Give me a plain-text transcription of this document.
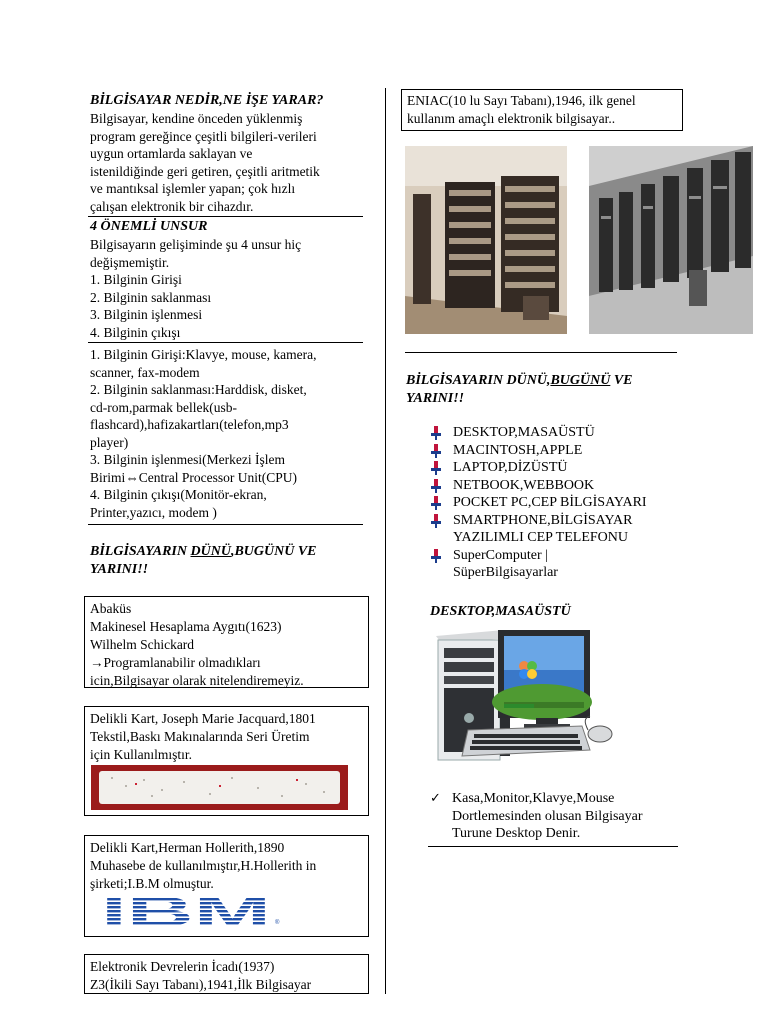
BİLGİSAYAR NEDİR,NE İŞE YARAR?
Bilgisayar, kendine önceden yüklenmiş
program gereğince çeşitli bilgileri-verileri
uygun ortamlarda saklayan ve
istenildiğinde geri getiren, çeşitli aritmetik
ve mantıksal işlemler yapan; çok hızlı
çalışan elektronik bir cihazdır.
4 ÖNEMLİ UNSUR
Bilgisayarın gelişiminde şu 4 unsur hiç
değişmemiştir.
1. Bilginin Girişi
2. Bilginin saklanması
3. Bilginin işlenmesi
4. Bilginin çıkışı
1. Bilginin Girişi:Klavye, mouse, kamera,
scanner, fax-modem
2. Bilginin saklanması:Harddisk, disket,
cd-rom,parmak bellek(usb-
flashcard),hafizakartları(telefon,mp3
player)
3. Bilginin işlenmesi(Merkezi İşlem
Birimi⇔Central Processor Unit(CPU)
4. Bilginin çıkışı(Monitör-ekran,
Printer,yazıcı, modem )
BİLGİSAYARIN DÜNÜ,BUGÜNÜ VE
YARINI!!
Abaküs
Makinesel Hesaplama Aygıtı(1623)
Wilhelm Schickard
→Programlanabilir olmadıkları
icin,Bilgisayar olarak nitelendiremeyiz.
Delikli Kart, Joseph Marie Jacquard,1801
Tekstil,Baskı Makınalarında Seri Üretim
için Kullanılmıştır.
Delikli Kart,Herman Hollerith,1890
Muhasebe de kullanılmıştır,H.Hollerith in
şirketi;I.B.M olmuştur.
IBM ®
Elektronik Devrelerin İcadı(1937)
Z3(İkili Sayı Tabanı),1941,İlk Bilgisayar
ENIAC(10 lu Sayı Tabanı),1946, ilk genel
kullanım amaçlı elektronik bilgisayar..
BİLGİSAYARIN DÜNÜ,BUGÜNÜ VE
YARINI!!
DESKTOP,MASAÜSTÜ
MACINTOSH,APPLE
LAPTOP,DİZÜSTÜ
NETBOOK,WEBBOOK
POCKET PC,CEP BİLGİSAYARI
SMARTPHONE,BİLGİSAYAR
YAZILIMLI CEP TELEFONU
SuperComputer |
SüperBilgisayarlar
DESKTOP,MASAÜSTÜ
✓ Kasa,Monitor,Klavye,Mouse
Dortlemesinden olusan Bilgisayar
Turune Desktop Denir.
